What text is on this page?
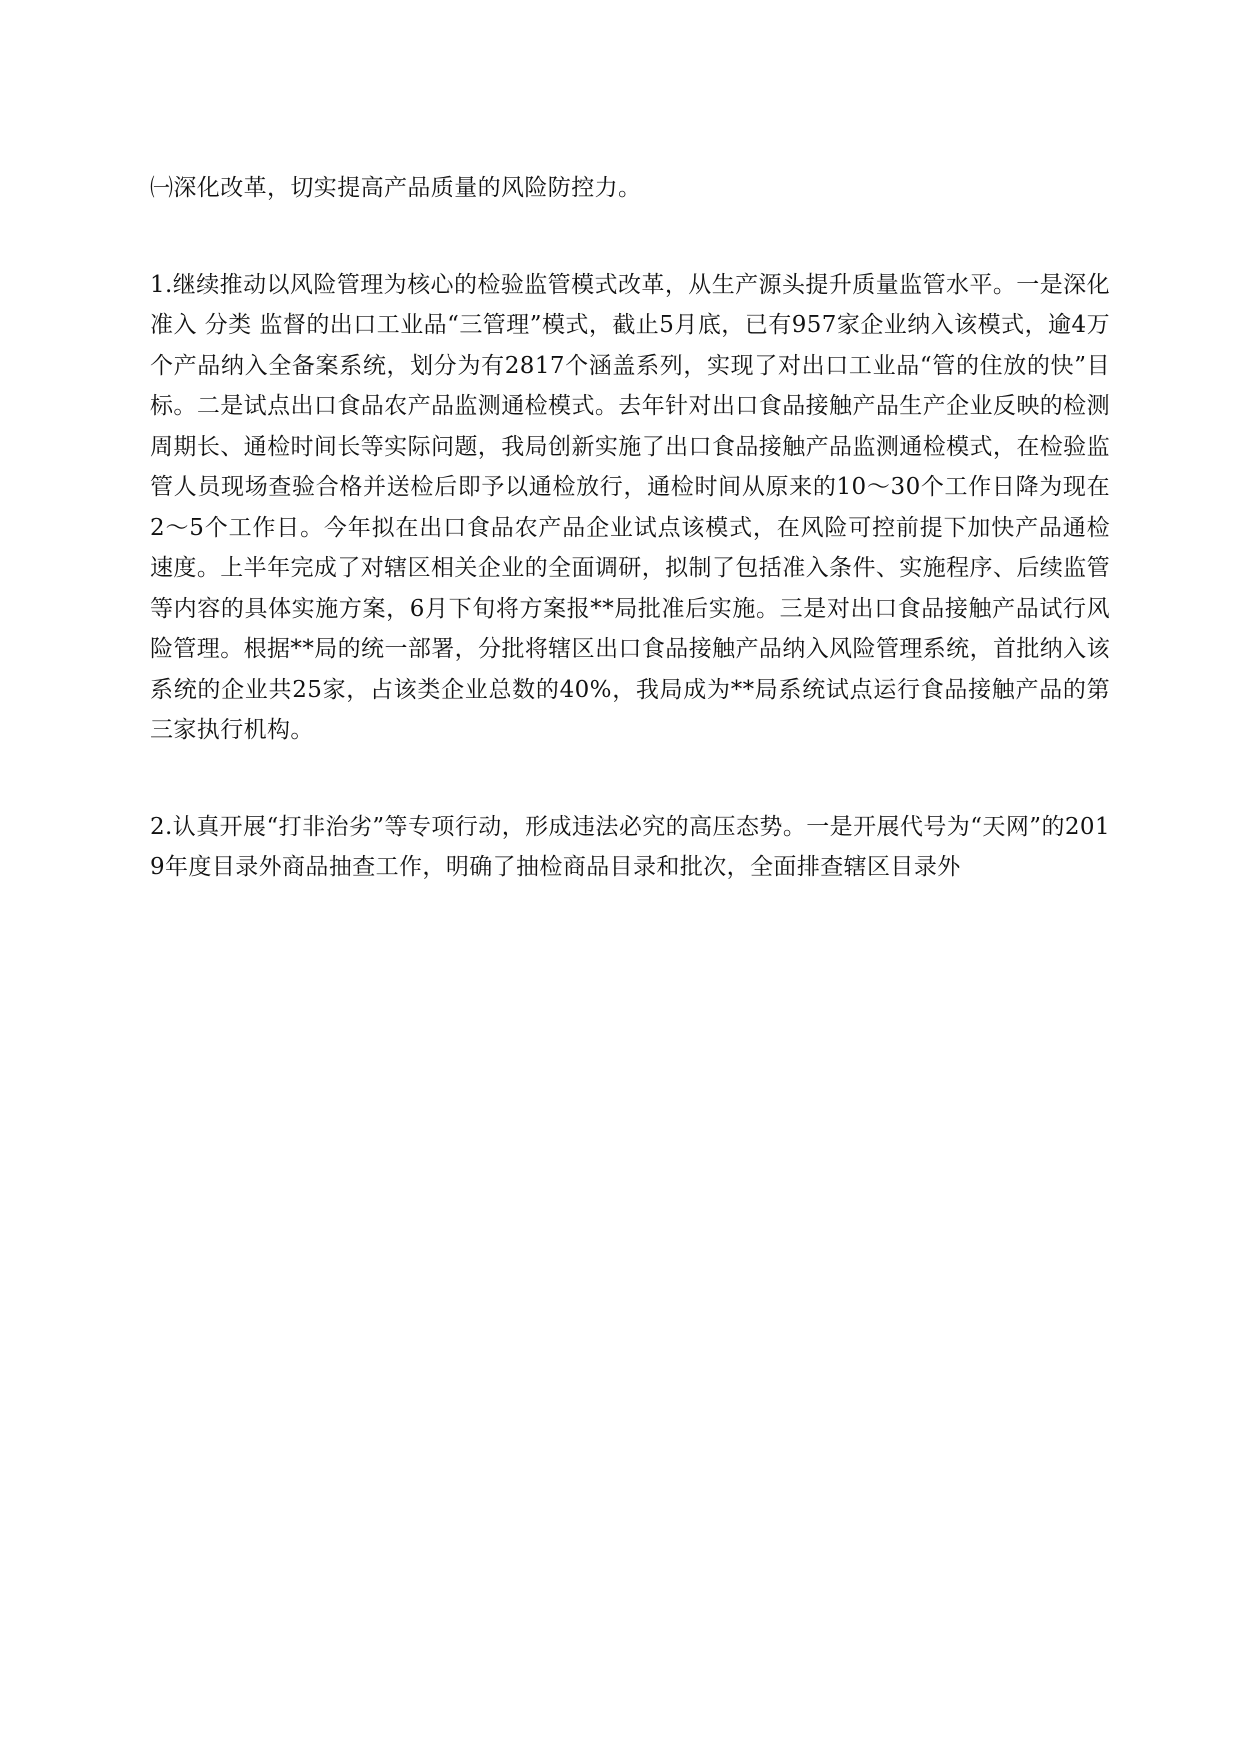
㈠深化改革，切实提高产品质量的风险防控力。

1.继续推动以风险管理为核心的检验监管模式改革，从生产源头提升质量监管水平。一是深化准入 分类 监督的出口工业品“三管理”模式，截止5月底，已有957家企业纳入该模式，逾4万个产品纳入全备案系统，划分为有2817个涵盖系列，实现了对出口工业品“管的住放的快”目标。二是试点出口食品农产品监测通检模式。去年针对出口食品接触产品生产企业反映的检测周期长、通检时间长等实际问题，我局创新实施了出口食品接触产品监测通检模式，在检验监管人员现场查验合格并送检后即予以通检放行，通检时间从原来的10～30个工作日降为现在2～5个工作日。今年拟在出口食品农产品企业试点该模式，在风险可控前提下加快产品通检速度。上半年完成了对辖区相关企业的全面调研，拟制了包括准入条件、实施程序、后续监管等内容的具体实施方案，6月下旬将方案报**局批准后实施。三是对出口食品接触产品试行风险管理。根据**局的统一部署，分批将辖区出口食品接触产品纳入风险管理系统，首批纳入该系统的企业共25家，占该类企业总数的40%，我局成为**局系统试点运行食品接触产品的第三家执行机构。

2.认真开展“打非治劣”等专项行动，形成违法必究的高压态势。一是开展代号为“天网”的2019年度目录外商品抽查工作，明确了抽检商品目录和批次，全面排查辖区目录外
